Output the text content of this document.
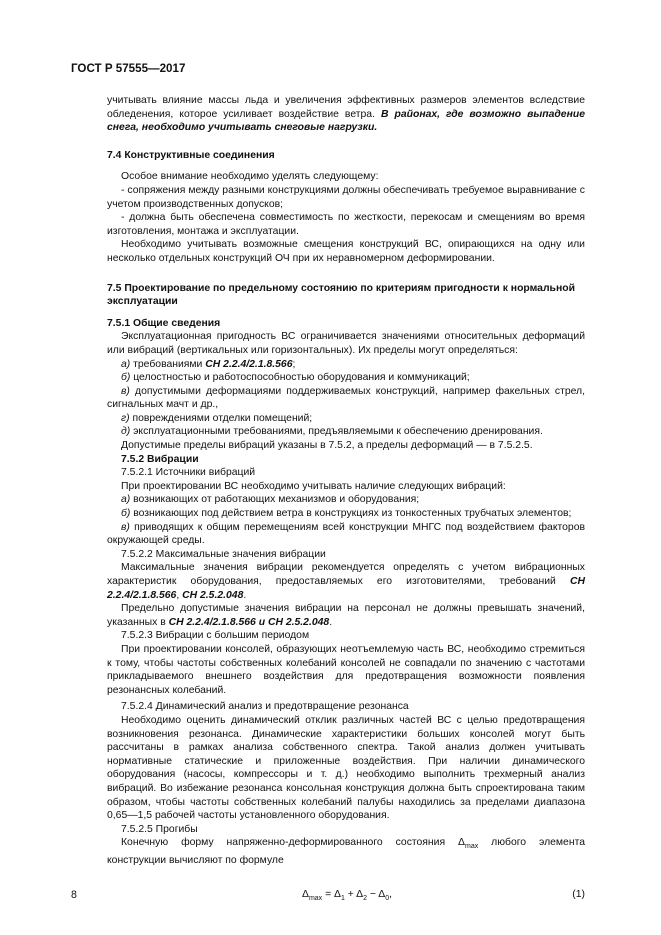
ГОСТ Р 57555—2017

учитывать влияние массы льда и увеличения эффективных размеров элементов вследствие обледенения, которое усиливает воздействие ветра. В районах, где возможно выпадение снега, необходимо учитывать снеговые нагрузки.

7.4 Конструктивные соединения

Особое внимание необходимо уделять следующему:

- сопряжения между разными конструкциями должны обеспечивать требуемое выравнивание с учетом производственных допусков;

- должна быть обеспечена совместимость по жесткости, перекосам и смещениям во время изготовления, монтажа и эксплуатации.

Необходимо учитывать возможные смещения конструкций ВС, опирающихся на одну или несколько отдельных конструкций ОЧ при их неравномерном деформировании.

7.5 Проектирование по предельному состоянию по критериям пригодности к нормальной эксплуатации

7.5.1 Общие сведения

Эксплуатационная пригодность ВС ограничивается значениями относительных деформаций или вибраций (вертикальных или горизонтальных). Их пределы могут определяться:

а) требованиями СН 2.2.4/2.1.8.566;

б) целостностью и работоспособностью оборудования и коммуникаций;

в) допустимыми деформациями поддерживаемых конструкций, например факельных стрел, сигнальных мачт и др.,

г) повреждениями отделки помещений;

д) эксплуатационными требованиями, предъявляемыми к обеспечению дренирования.

Допустимые пределы вибраций указаны в 7.5.2, а пределы деформаций — в 7.5.2.5.

7.5.2 Вибрации

7.5.2.1 Источники вибраций

При проектировании ВС необходимо учитывать наличие следующих вибраций:

а) возникающих от работающих механизмов и оборудования;

б) возникающих под действием ветра в конструкциях из тонкостенных трубчатых элементов;

в) приводящих к общим перемещениям всей конструкции МНГС под воздействием факторов окружающей среды.

7.5.2.2 Максимальные значения вибрации

Максимальные значения вибрации рекомендуется определять с учетом вибрационных характеристик оборудования, предоставляемых его изготовителями, требований СН 2.2.4/2.1.8.566, СН 2.5.2.048.

Предельно допустимые значения вибрации на персонал не должны превышать значений, указанных в СН 2.2.4/2.1.8.566 и СН 2.5.2.048.

7.5.2.3 Вибрации с большим периодом

При проектировании консолей, образующих неотъемлемую часть ВС, необходимо стремиться к тому, чтобы частоты собственных колебаний консолей не совпадали по значению с частотами прикладываемого внешнего воздействия для предотвращения возможности появления резонансных колебаний.

7.5.2.4 Динамический анализ и предотвращение резонанса

Необходимо оценить динамический отклик различных частей ВС с целью предотвращения возникновения резонанса. Динамические характеристики больших консолей могут быть рассчитаны в рамках анализа собственного спектра. Такой анализ должен учитывать нормативные статические и приложенные воздействия. При наличии динамического оборудования (насосы, компрессоры и т. д.) необходимо выполнить трехмерный анализ вибраций. Во избежание резонанса консольная конструкция должна быть спроектирована таким образом, чтобы частоты собственных колебаний палубы находились за пределами диапазона 0,65—1,5 рабочей частоты установленного оборудования.

7.5.2.5 Прогибы

Конечную форму напряженно-деформированного состояния $\Delta_{max}$ любого элемента конструкции вычисляют по формуле

$\Delta_{max} = \Delta_1 + \Delta_2 - \Delta_0$,	(1)
8
